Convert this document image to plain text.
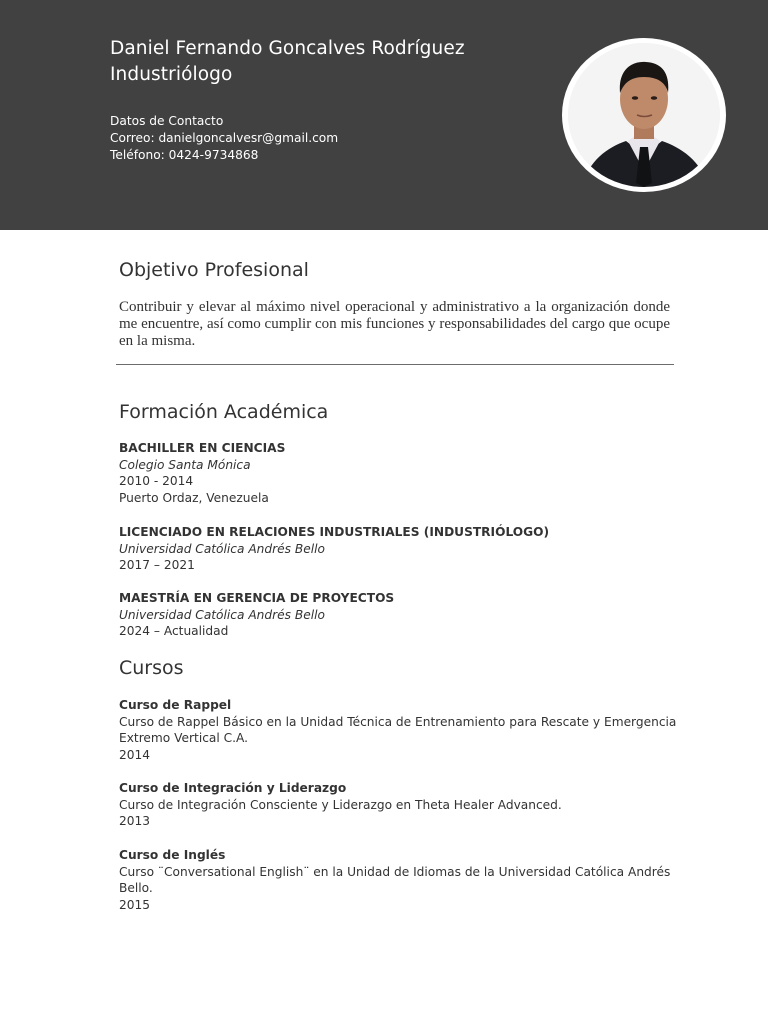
Daniel Fernando Goncalves Rodríguez
Industriólogo
Datos de Contacto
Correo: danielgoncalvesr@gmail.com
Teléfono: 0424-9734868
Objetivo Profesional

Contribuir y elevar al máximo nivel operacional y administrativo a la organización donde me encuentre, así como cumplir con mis funciones y responsabilidades del cargo que ocupe en la misma.

Formación Académica
BACHILLER EN CIENCIAS
Colegio Santa Mónica
2010 - 2014
Puerto Ordaz, Venezuela
LICENCIADO EN RELACIONES INDUSTRIALES (INDUSTRIÓLOGO)
Universidad Católica Andrés Bello
2017 – 2021
MAESTRÍA EN GERENCIA DE PROYECTOS
Universidad Católica Andrés Bello
2024 – Actualidad
Cursos
Curso de Rappel
Curso de Rappel Básico en la Unidad Técnica de Entrenamiento para Rescate y Emergencia Extremo Vertical C.A.
2014
Curso de Integración y Liderazgo
Curso de Integración Consciente y Liderazgo en Theta Healer Advanced.
2013
Curso de Inglés
Curso ¨Conversational English¨ en la Unidad de Idiomas de la Universidad Católica Andrés Bello.
2015
